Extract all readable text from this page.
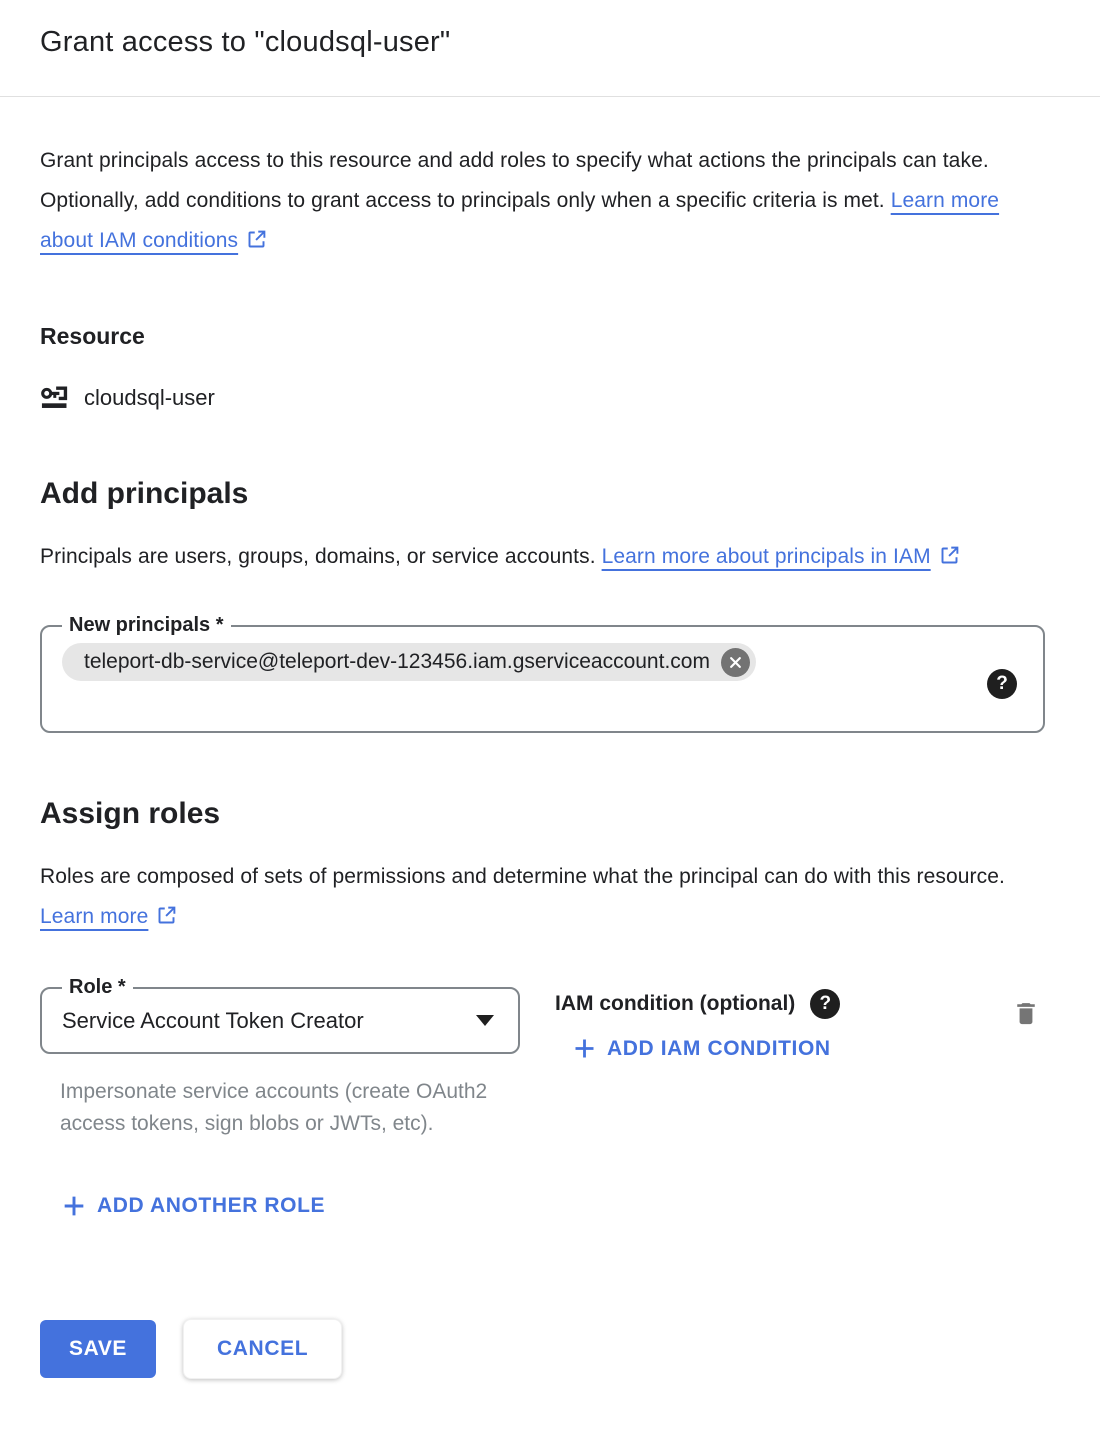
Grant access to "cloudsql-user"

Grant principals access to this resource and add roles to specify what actions the principals can take. Optionally, add conditions to grant access to principals only when a specific criteria is met. Learn more about IAM conditions

Resource
cloudsql-user
Add principals

Principals are users, groups, domains, or service accounts. Learn more about principals in IAM

New principals *
teleport-db-service@teleport-dev-123456.iam.gserviceaccount.com
?
Assign roles

Roles are composed of sets of permissions and determine what the principal can do with this resource. Learn more

Role *
Service Account Token Creator

Impersonate service accounts (create OAuth2 access tokens, sign blobs or JWTs, etc).

IAM condition (optional)	?
ADD IAM CONDITION
ADD ANOTHER ROLE
SAVE	CANCEL
